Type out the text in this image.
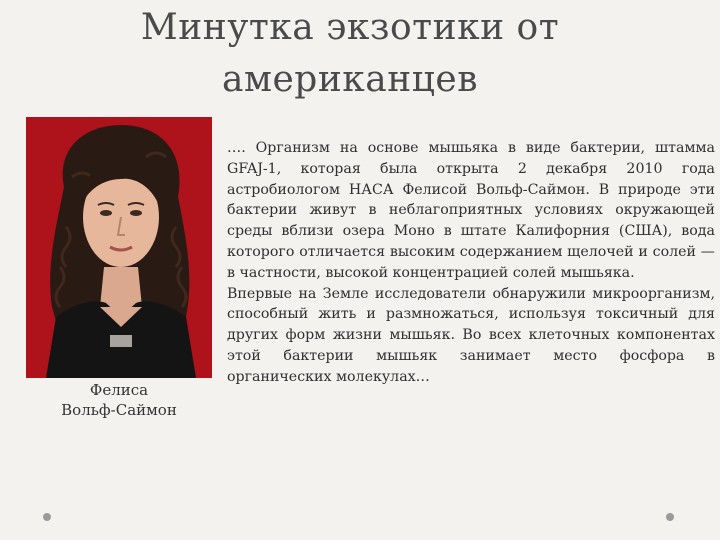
Минутка экзотики от
американцев
Фелиса
Вольф-Саймон

…. Организм на основе мышьяка в виде бактерии, штамма GFAJ-1, которая была открыта 2 декабря 2010 года астробиологом НАСА Фелисой Вольф-Саймон. В природе эти бактерии живут в неблагоприятных условиях окружающей среды вблизи озера Моно в штате Калифорния (США), вода которого отличается высоким содержанием щелочей и солей — в частности, высокой концентрацией солей мышьяка.

Впервые на Земле исследователи обнаружили микроорганизм, способный жить и размножаться, используя токсичный для других форм жизни мышьяк. Во всех клеточных компонентах этой бактерии мышьяк занимает место фосфора в органических молекулах…
